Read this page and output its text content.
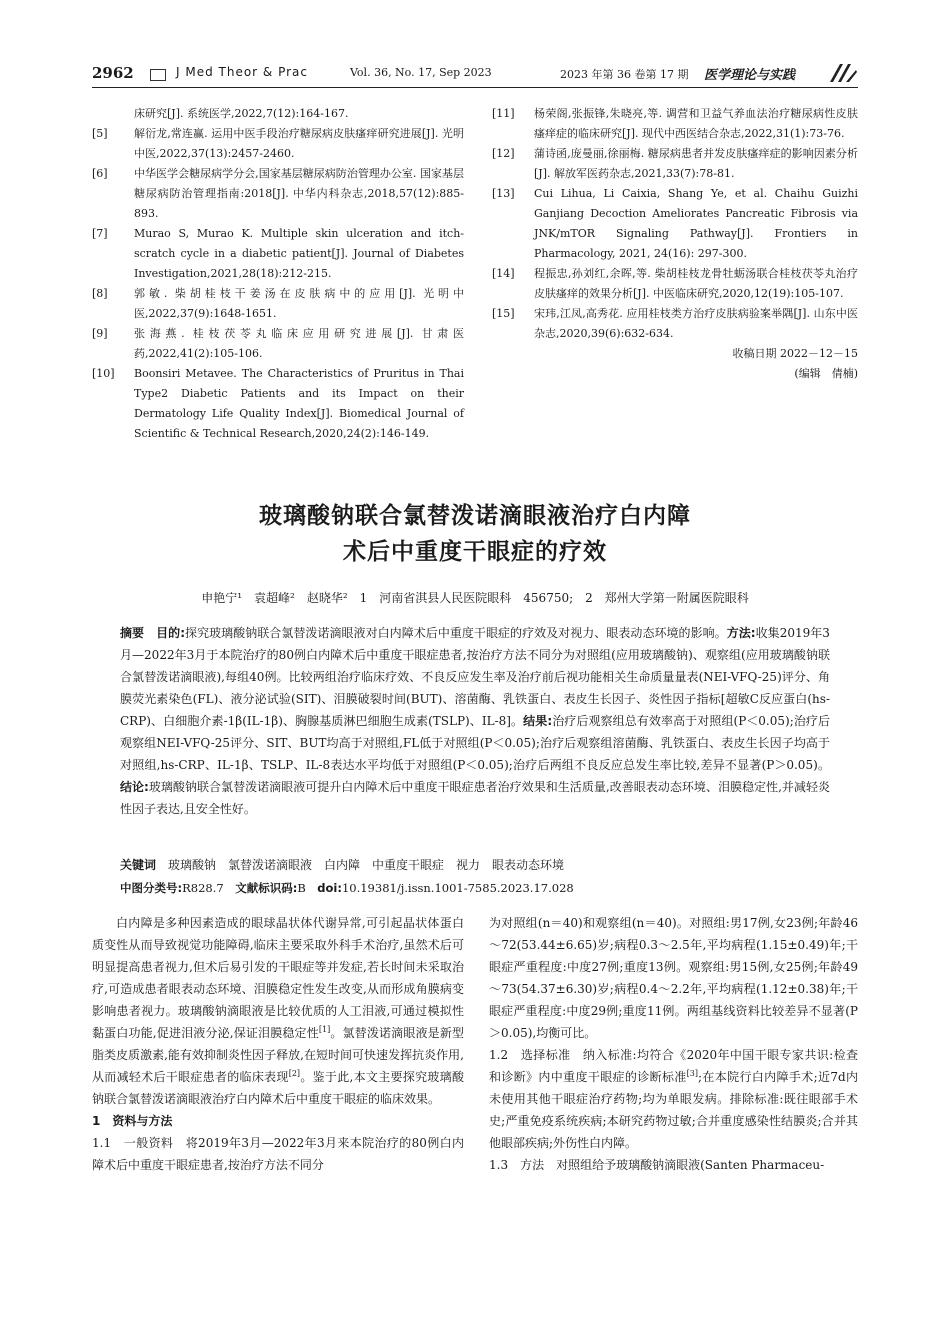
2962	J Med Theor & Prac	Vol. 36, No. 17, Sep 2023	2023 年第 36 卷第 17 期 医学理论与实践
床研究[J]. 系统医学,2022,7(12):164-167.
[5] 解衍龙,常连赢. 运用中医手段治疗糖尿病皮肤瘙痒研究进展[J]. 光明中医,2022,37(13):2457-2460.
[6] 中华医学会糖尿病学分会,国家基层糖尿病防治管理办公室. 国家基层糖尿病防治管理指南:2018[J]. 中华内科杂志,2018,57(12):885-893.
[7] Murao S, Murao K. Multiple skin ulceration and itch-scratch cycle in a diabetic patient[J]. Journal of Diabetes Investigation,2021,28(18):212-215.
[8] 郭敏. 柴胡桂枝干姜汤在皮肤病中的应用[J]. 光明中医,2022,37(9):1648-1651.
[9] 张海燕. 桂枝茯苓丸临床应用研究进展[J]. 甘肃医药,2022,41(2):105-106.
[10] Boonsiri Metavee. The Characteristics of Pruritus in Thai Type2 Diabetic Patients and its Impact on their Dermatology Life Quality Index[J]. Biomedical Journal of Scientific & Technical Research,2020,24(2):146-149.
[11] 杨荣阁,张振锋,朱晓亮,等. 调营和卫益气养血法治疗糖尿病性皮肤瘙痒症的临床研究[J]. 现代中西医结合杂志,2022,31(1):73-76.
[12] 蒲诗函,庞曼丽,徐丽梅. 糖尿病患者并发皮肤瘙痒症的影响因素分析[J]. 解放军医药杂志,2021,33(7):78-81.
[13] Cui Lihua, Li Caixia, Shang Ye, et al. Chaihu Guizhi Ganjiang Decoction Ameliorates Pancreatic Fibrosis via JNK/mTOR Signaling Pathway[J]. Frontiers in Pharmacology, 2021, 24(16): 297-300.
[14] 程振忠,孙刘红,余晖,等. 柴胡桂枝龙骨牡蛎汤联合桂枝茯苓丸治疗皮肤瘙痒的效果分析[J]. 中医临床研究,2020,12(19):105-107.
[15] 宋玮,江凤,高秀花. 应用桂枝类方治疗皮肤病验案举隅[J]. 山东中医杂志,2020,39(6):632-634.
收稿日期 2022－12－15
(编辑　倩楠)
玻璃酸钠联合氯替泼诺滴眼液治疗白内障
术后中重度干眼症的疗效
申艳宁¹　袁超峰²　赵晓华²　1　河南省淇县人民医院眼科　456750;　2　郑州大学第一附属医院眼科
摘要　 目的:探究玻璃酸钠联合氯替泼诺滴眼液对白内障术后中重度干眼症的疗效及对视力、眼表动态环境的影响。方法:收集2019年3月—2022年3月于本院治疗的80例白内障术后中重度干眼症患者,按治疗方法不同分为对照组(应用玻璃酸钠)、观察组(应用玻璃酸钠联合氯替泼诺滴眼液),每组40例。比较两组治疗临床疗效、不良反应发生率及治疗前后视功能相关生命质量量表(NEI-VFQ-25)评分、角膜荧光素染色(FL)、液分泌试验(SIT)、泪膜破裂时间(BUT)、溶菌酶、乳铁蛋白、表皮生长因子、炎性因子指标[超敏C反应蛋白(hs-CRP)、白细胞介素-1β(IL-1β)、胸腺基质淋巴细胞生成素(TSLP)、IL-8]。结果:治疗后观察组总有效率高于对照组(P＜0.05);治疗后观察组NEI-VFQ-25评分、SIT、BUT均高于对照组,FL低于对照组(P＜0.05);治疗后观察组溶菌酶、乳铁蛋白、表皮生长因子均高于对照组,hs-CRP、IL-1β、TSLP、IL-8表达水平均低于对照组(P＜0.05);治疗后两组不良反应总发生率比较,差异不显著(P＞0.05)。结论:玻璃酸钠联合氯替泼诺滴眼液可提升白内障术后中重度干眼症患者治疗效果和生活质量,改善眼表动态环境、泪膜稳定性,并减轻炎性因子表达,且安全性好。
关键词　 玻璃酸钠　氯替泼诺滴眼液　白内障　中重度干眼症　视力　眼表动态环境
中图分类号:R828.7　 文献标识码:B　 doi:10.19381/j.issn.1001-7585.2023.17.028

白内障是多种因素造成的眼球晶状体代谢异常,可引起晶状体蛋白质变性从而导致视觉功能障碍,临床主要采取外科手术治疗,虽然术后可明显提高患者视力,但术后易引发的干眼症等并发症,若长时间未采取治疗,可造成患者眼表动态环境、泪膜稳定性发生改变,从而形成角膜病变影响患者视力。玻璃酸钠滴眼液是比较优质的人工泪液,可通过模拟性黏蛋白功能,促进泪液分泌,保证泪膜稳定性[1]。氯替泼诺滴眼液是新型脂类皮质激素,能有效抑制炎性因子释放,在短时间可快速发挥抗炎作用,从而减轻术后干眼症患者的临床表现[2]。鉴于此,本文主要探究玻璃酸钠联合氯替泼诺滴眼液治疗白内障术后中重度干眼症的临床效果。

1　资料与方法

1.1　一般资料　 将2019年3月—2022年3月来本院治疗的80例白内障术后中重度干眼症患者,按治疗方法不同分

为对照组(n＝40)和观察组(n＝40)。对照组:男17例,女23例;年龄46～72(53.44±6.65)岁;病程0.3～2.5年,平均病程(1.15±0.49)年;干眼症严重程度:中度27例;重度13例。观察组:男15例,女25例;年龄49～73(54.37±6.30)岁;病程0.4～2.2年,平均病程(1.12±0.38)年;干眼症严重程度:中度29例;重度11例。两组基线资料比较差异不显著(P＞0.05),均衡可比。

1.2　选择标准　 纳入标准:均符合《2020年中国干眼专家共识:检查和诊断》内中重度干眼症的诊断标准[3];在本院行白内障手术;近7d内未使用其他干眼症治疗药物;均为单眼发病。排除标准:既往眼部手术史;严重免疫系统疾病;本研究药物过敏;合并重度感染性结膜炎;合并其他眼部疾病;外伤性白内障。

1.3　方法　 对照组给予玻璃酸钠滴眼液(Santen Pharmaceu-
